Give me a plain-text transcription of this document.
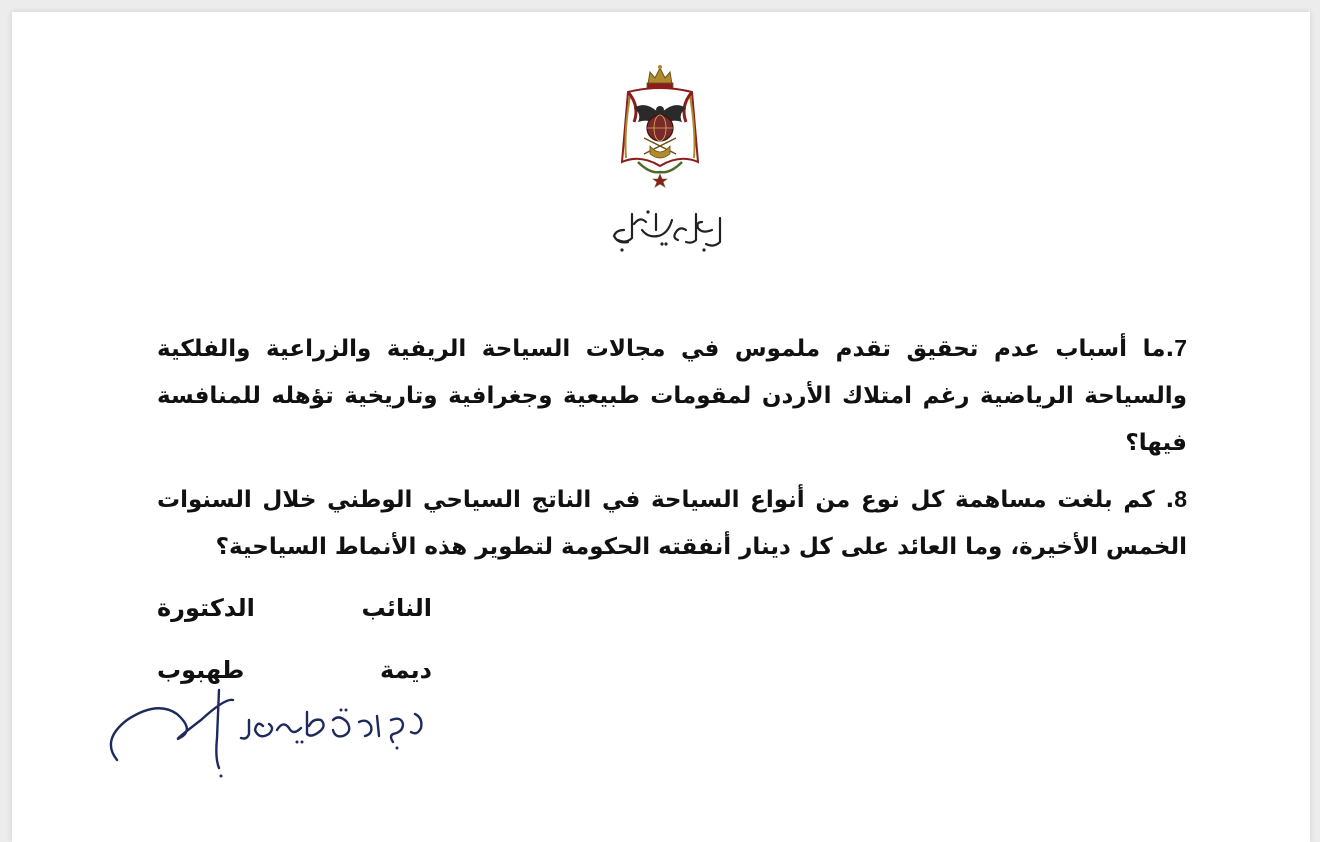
7.ما أسباب عدم تحقيق تقدم ملموس في مجالات السياحة الريفية والزراعية والفلكية والسياحة الرياضية رغم امتلاك الأردن لمقومات طبيعية وجغرافية وتاريخية تؤهله للمنافسة فيها؟
8. كم بلغت مساهمة كل نوع من أنواع السياحة في الناتج السياحي الوطني خلال السنوات الخمس الأخيرة، وما العائد على كل دينار أنفقته الحكومة لتطوير هذه الأنماط السياحية؟
النائب الدكتورة
ديمة طهبوب
